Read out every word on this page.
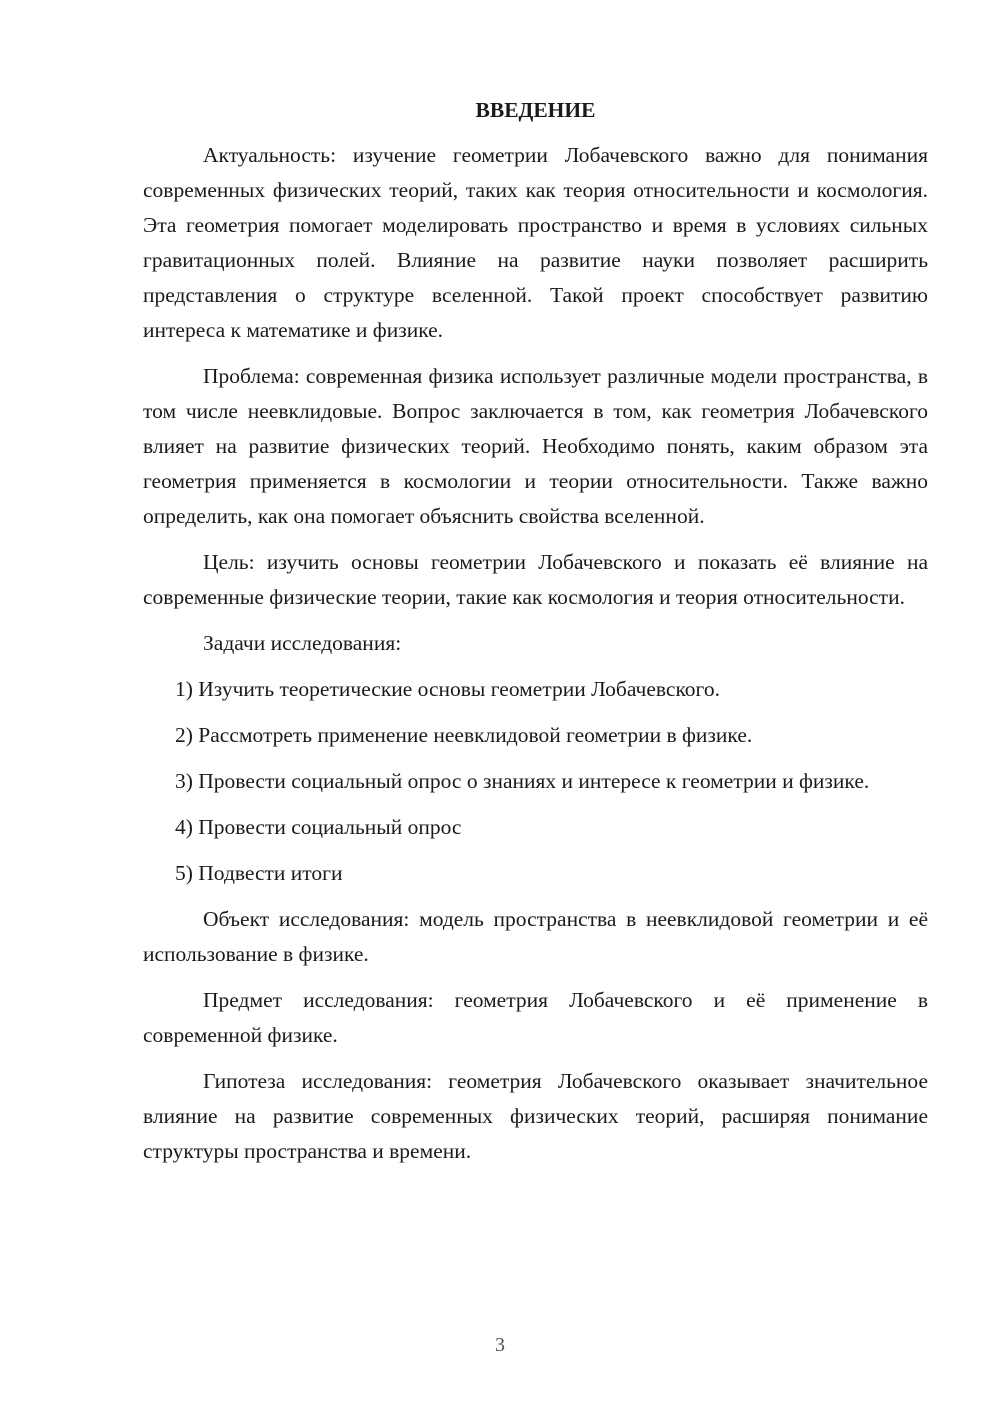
ВВЕДЕНИЕ

Актуальность: изучение геометрии Лобачевского важно для понимания современных физических теорий, таких как теория относительности и космология. Эта геометрия помогает моделировать пространство и время в условиях сильных гравитационных полей. Влияние на развитие науки позволяет расширить представления о структуре вселенной. Такой проект способствует развитию интереса к математике и физике.

Проблема: современная физика использует различные модели пространства, в том числе неевклидовые. Вопрос заключается в том, как геометрия Лобачевского влияет на развитие физических теорий. Необходимо понять, каким образом эта геометрия применяется в космологии и теории относительности. Также важно определить, как она помогает объяснить свойства вселенной.

Цель: изучить основы геометрии Лобачевского и показать её влияние на современные физические теории, такие как космология и теория относительности.

Задачи исследования:

1) Изучить теоретические основы геометрии Лобачевского.

2) Рассмотреть применение неевклидовой геометрии в физике.

3) Провести социальный опрос о знаниях и интересе к геометрии и физике.

4) Провести социальный опрос

5) Подвести итоги

Объект исследования: модель пространства в неевклидовой геометрии и её использование в физике.

Предмет исследования: геометрия Лобачевского и её применение в современной физике.

Гипотеза исследования: геометрия Лобачевского оказывает значительное влияние на развитие современных физических теорий, расширяя понимание структуры пространства и времени.

3
